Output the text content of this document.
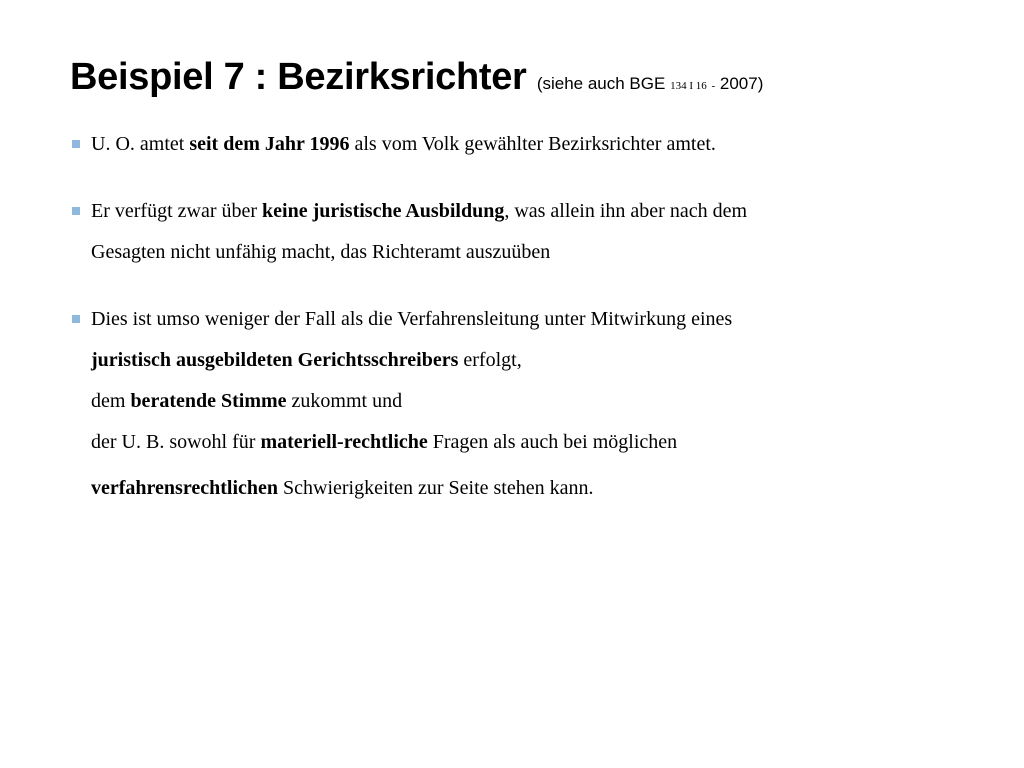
Beispiel 7 : Bezirksrichter (siehe auch BGE 134 I 16 - 2007)
U. O. amtet seit dem Jahr 1996 als vom Volk gewählter Bezirksrichter amtet.
Er verfügt zwar über keine juristische Ausbildung, was allein ihn aber nach dem
Gesagten nicht unfähig macht, das Richteramt auszuüben
Dies ist umso weniger der Fall als die Verfahrensleitung unter Mitwirkung eines
juristisch ausgebildeten Gerichtsschreibers erfolgt,
dem beratende Stimme zukommt und
der U. B. sowohl für materiell-rechtliche Fragen als auch bei möglichen
verfahrensrechtlichen Schwierigkeiten zur Seite stehen kann.
